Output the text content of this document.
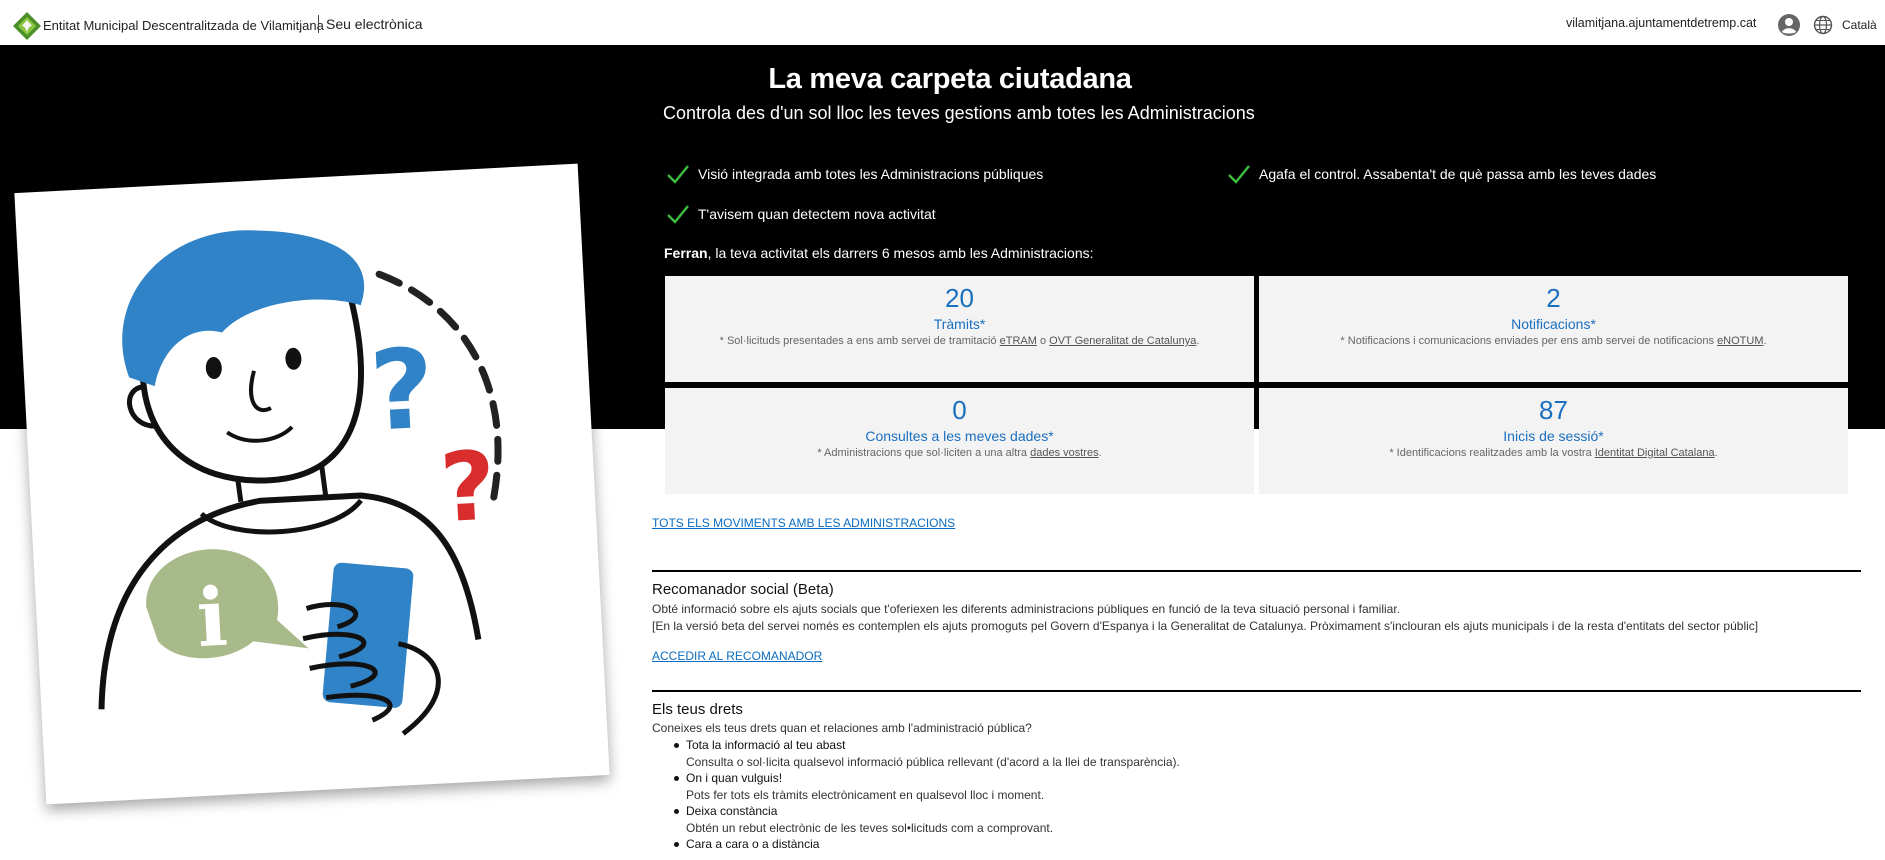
Entitat Municipal Descentralitzada de Vilamitjana Seu electrònica	vilamitjana.ajuntamentdetremp.cat	Català
La meva carpeta ciutadana
Controla des d'un sol lloc les teves gestions amb totes les Administracions
Visió integrada amb totes les Administracions públiques	Agafa el control. Assabenta't de què passa amb les teves dades
T'avisem quan detectem nova activitat
Ferran, la teva activitat els darrers 6 mesos amb les Administracions:
20
Tràmits*
* Sol·licituds presentades a ens amb servei de tramitació eTRAM o OVT Generalitat de Catalunya.
2
Notificacions*
* Notificacions i comunicacions enviades per ens amb servei de notificacions eNOTUM.
0
Consultes a les meves dades*
* Administracions que sol·liciten a una altra dades vostres.
87
Inicis de sessió*
* Identificacions realitzades amb la vostra Identitat Digital Catalana.
?
?
i
TOTS ELS MOVIMENTS AMB LES ADMINISTRACIONS
Recomanador social (Beta)
Obté informació sobre els ajuts socials que t'oferiexen les diferents administracions públiques en funció de la teva situació personal i familiar.
[En la versió beta del servei només es contemplen els ajuts promoguts pel Govern d'Espanya i la Generalitat de Catalunya. Pròximament s'inclouran els ajuts municipals i de la resta d'entitats del sector públic]
ACCEDIR AL RECOMANADOR
Els teus drets
Coneixes els teus drets quan et relaciones amb l'administració pública?
Tota la informació al teu abast
Consulta o sol·licita qualsevol informació pública rellevant (d'acord a la llei de transparència).
On i quan vulguis!
Pots fer tots els tràmits electrònicament en qualsevol lloc i moment.
Deixa constància
Obtén un rebut electrònic de les teves sol•licituds com a comprovant.
Cara a cara o a distància
